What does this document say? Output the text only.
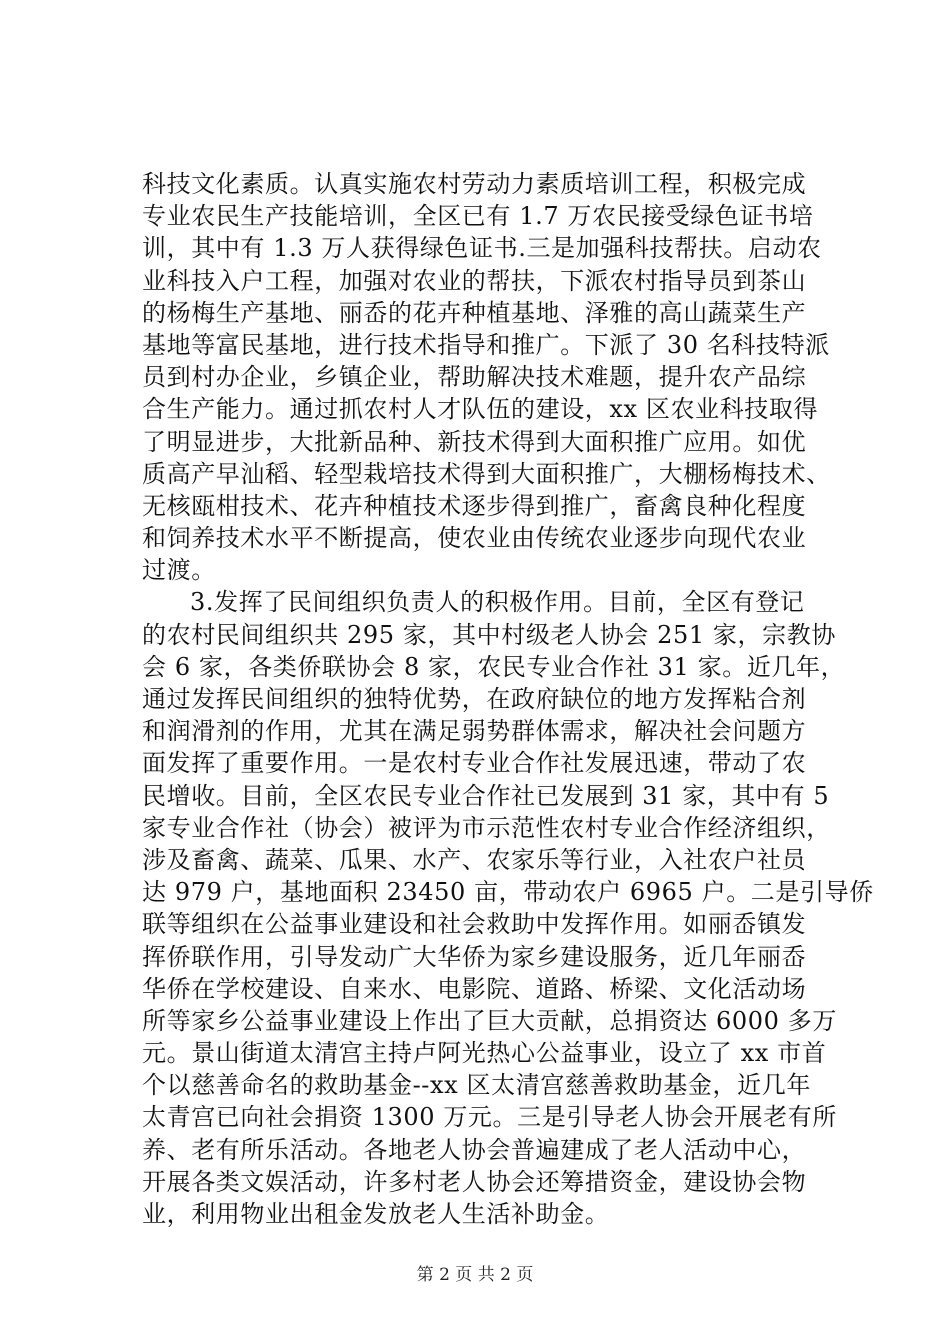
科技文化素质。认真实施农村劳动力素质培训工程，积极完成
专业农民生产技能培训，全区已有 1.7 万农民接受绿色证书培
训，其中有 1.3 万人获得绿色证书.三是加强科技帮扶。启动农
业科技入户工程，加强对农业的帮扶，下派农村指导员到茶山
的杨梅生产基地、丽岙的花卉种植基地、泽雅的高山蔬菜生产
基地等富民基地，进行技术指导和推广。下派了 30 名科技特派
员到村办企业，乡镇企业，帮助解决技术难题，提升农产品综
合生产能力。通过抓农村人才队伍的建设，xx 区农业科技取得
了明显进步，大批新品种、新技术得到大面积推广应用。如优
质高产早汕稻、轻型栽培技术得到大面积推广，大棚杨梅技术、
无核瓯柑技术、花卉种植技术逐步得到推广，畜禽良种化程度
和饲养技术水平不断提高，使农业由传统农业逐步向现代农业
过渡。
3.发挥了民间组织负责人的积极作用。目前，全区有登记
的农村民间组织共 295 家，其中村级老人协会 251 家，宗教协
会 6 家，各类侨联协会 8 家，农民专业合作社 31 家。近几年，
通过发挥民间组织的独特优势，在政府缺位的地方发挥粘合剂
和润滑剂的作用，尤其在满足弱势群体需求，解决社会问题方
面发挥了重要作用。一是农村专业合作社发展迅速，带动了农
民增收。目前，全区农民专业合作社已发展到 31 家，其中有 5
家专业合作社（协会）被评为市示范性农村专业合作经济组织，
涉及畜禽、蔬菜、瓜果、水产、农家乐等行业，入社农户社员
达 979 户，基地面积 23450 亩，带动农户 6965 户。二是引导侨
联等组织在公益事业建设和社会救助中发挥作用。如丽岙镇发
挥侨联作用，引导发动广大华侨为家乡建设服务，近几年丽岙
华侨在学校建设、自来水、电影院、道路、桥梁、文化活动场
所等家乡公益事业建设上作出了巨大贡献，总捐资达 6000 多万
元。景山街道太清宫主持卢阿光热心公益事业，设立了 xx 市首
个以慈善命名的救助基金--xx 区太清宫慈善救助基金，近几年
太青宫已向社会捐资 1300 万元。三是引导老人协会开展老有所
养、老有所乐活动。各地老人协会普遍建成了老人活动中心，
开展各类文娱活动，许多村老人协会还筹措资金，建设协会物
业，利用物业出租金发放老人生活补助金。
第 2 页 共 2 页
